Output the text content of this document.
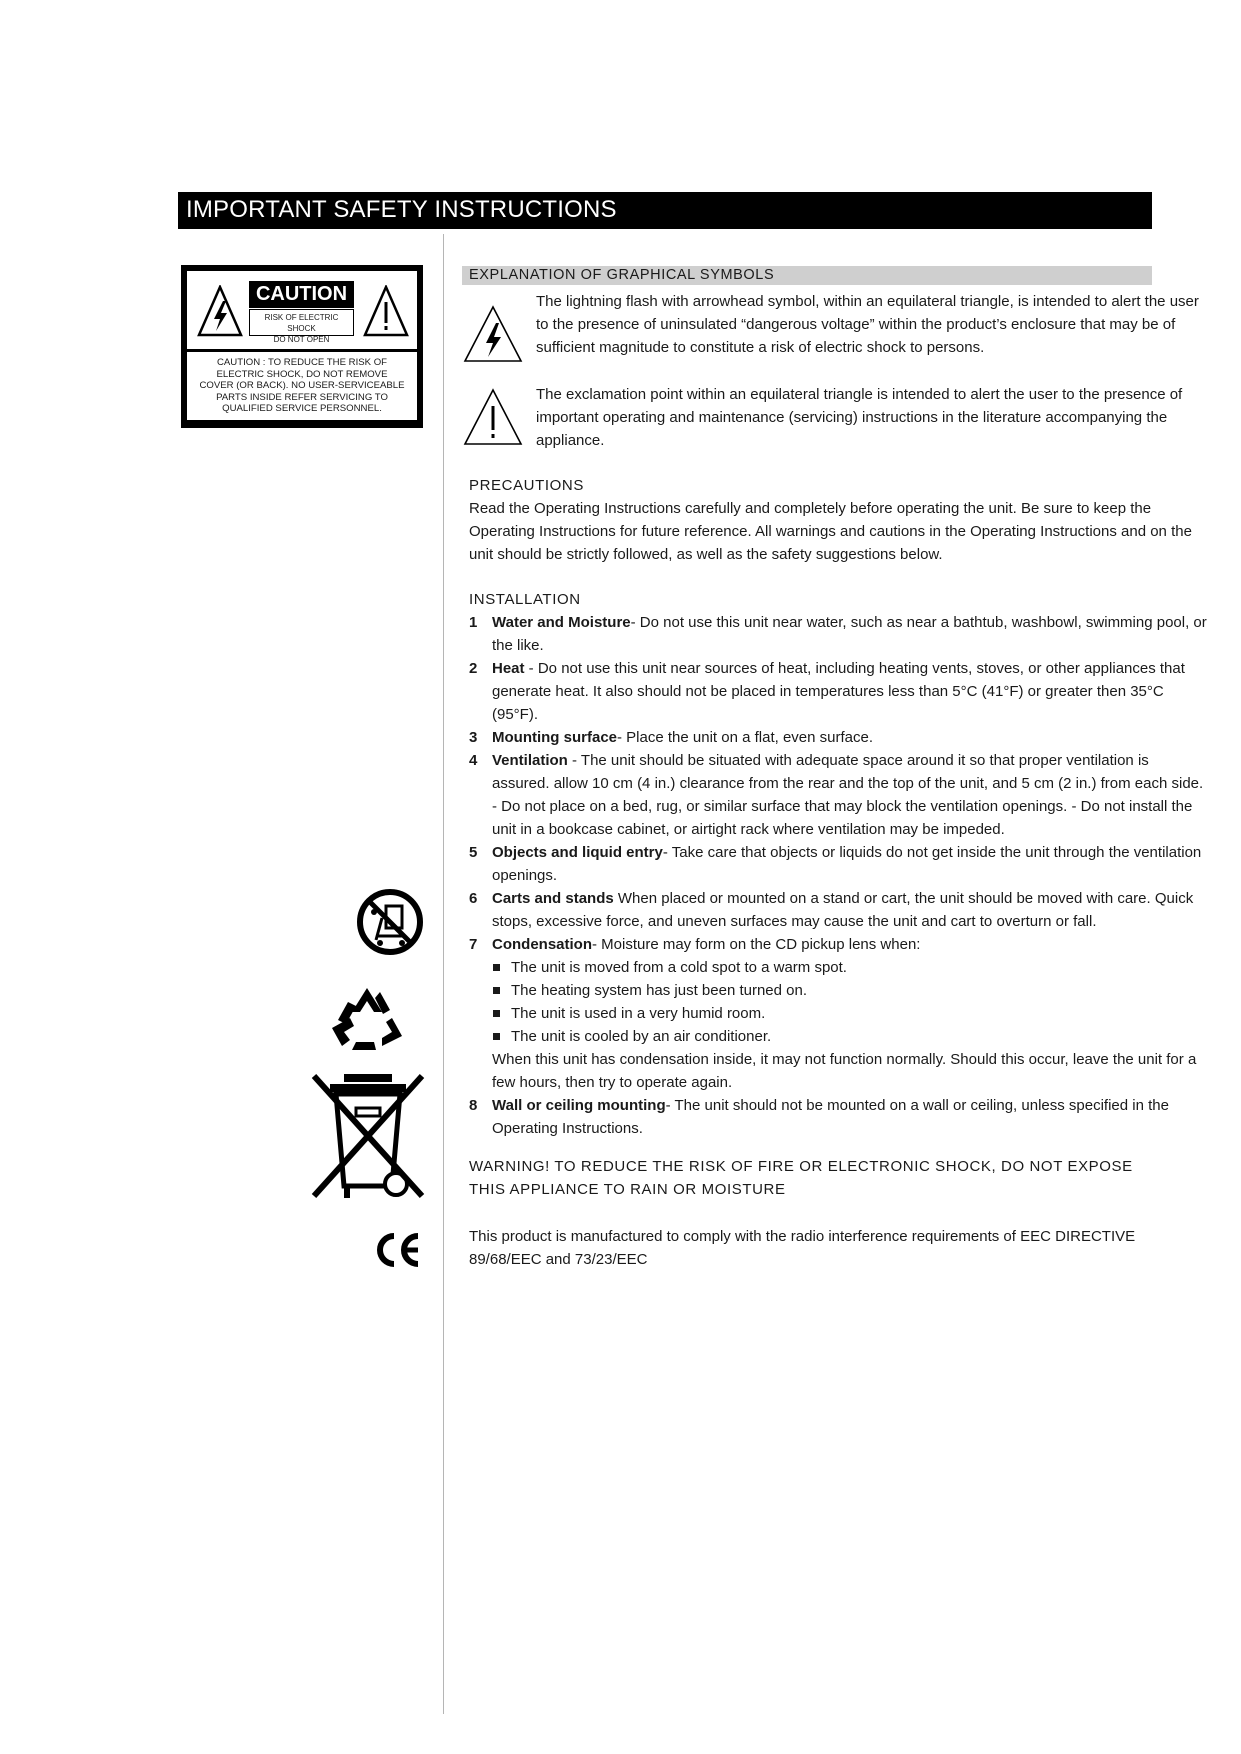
IMPORTANT SAFETY INSTRUCTIONS
CAUTION
RISK OF ELECTRIC SHOCK
DO NOT OPEN
CAUTION : TO REDUCE THE RISK OF
ELECTRIC SHOCK, DO NOT REMOVE
COVER (OR BACK). NO USER-SERVICEABLE
PARTS INSIDE REFER SERVICING TO
QUALIFIED SERVICE PERSONNEL.
EXPLANATION OF GRAPHICAL SYMBOLS
The lightning flash with arrowhead symbol, within an equilateral triangle, is intended to alert the user to the presence of uninsulated “dangerous voltage” within the product’s enclosure that may be of sufficient magnitude to constitute a risk of electric shock to persons.
The exclamation point within an equilateral triangle is intended to alert the user to the presence of important operating and maintenance (servicing) instructions in the literature accompanying the appliance.
PRECAUTIONS
Read the Operating Instructions carefully and completely before operating the unit. Be sure to keep the Operating Instructions for future reference. All warnings and cautions in the Operating Instructions and on the unit should be strictly followed, as well as the safety suggestions below.
INSTALLATION
1 Water and Moisture- Do not use this unit near water, such as near a bathtub, washbowl, swimming pool, or the like.
2 Heat - Do not use this unit near sources of heat, including heating vents, stoves, or other appliances that generate heat. It also should not be placed in temperatures less than 5°C (41°F) or greater then 35°C (95°F).
3 Mounting surface- Place the unit on a flat, even surface.
4 Ventilation - The unit should be situated with adequate space around it so that proper ventilation is assured. allow 10 cm (4 in.) clearance from the rear and the top of the unit, and 5 cm (2 in.) from each side. - Do not place on a bed, rug, or similar surface that may block the ventilation openings. - Do not install the unit in a bookcase cabinet, or airtight rack where ventilation may be impeded.
5 Objects and liquid entry- Take care that objects or liquids do not get inside the unit through the ventilation openings.
6 Carts and stands When placed or mounted on a stand or cart, the unit should be moved with care. Quick stops, excessive force, and uneven surfaces may cause the unit and cart to overturn or fall.
7 Condensation- Moisture may form on the CD pickup lens when:
The unit is moved from a cold spot to a warm spot.
The heating system has just been turned on.
The unit is used in a very humid room.
The unit is cooled by an air conditioner.
When this unit has condensation inside, it may not function normally. Should this occur, leave the unit for a few hours, then try to operate again.
8 Wall or ceiling mounting- The unit should not be mounted on a wall or ceiling, unless specified in the Operating Instructions.
WARNING! TO REDUCE THE RISK OF FIRE OR ELECTRONIC SHOCK, DO NOT EXPOSE THIS APPLIANCE TO RAIN OR MOISTURE
This product is manufactured to comply with the radio interference requirements of EEC DIRECTIVE 89/68/EEC and 73/23/EEC
